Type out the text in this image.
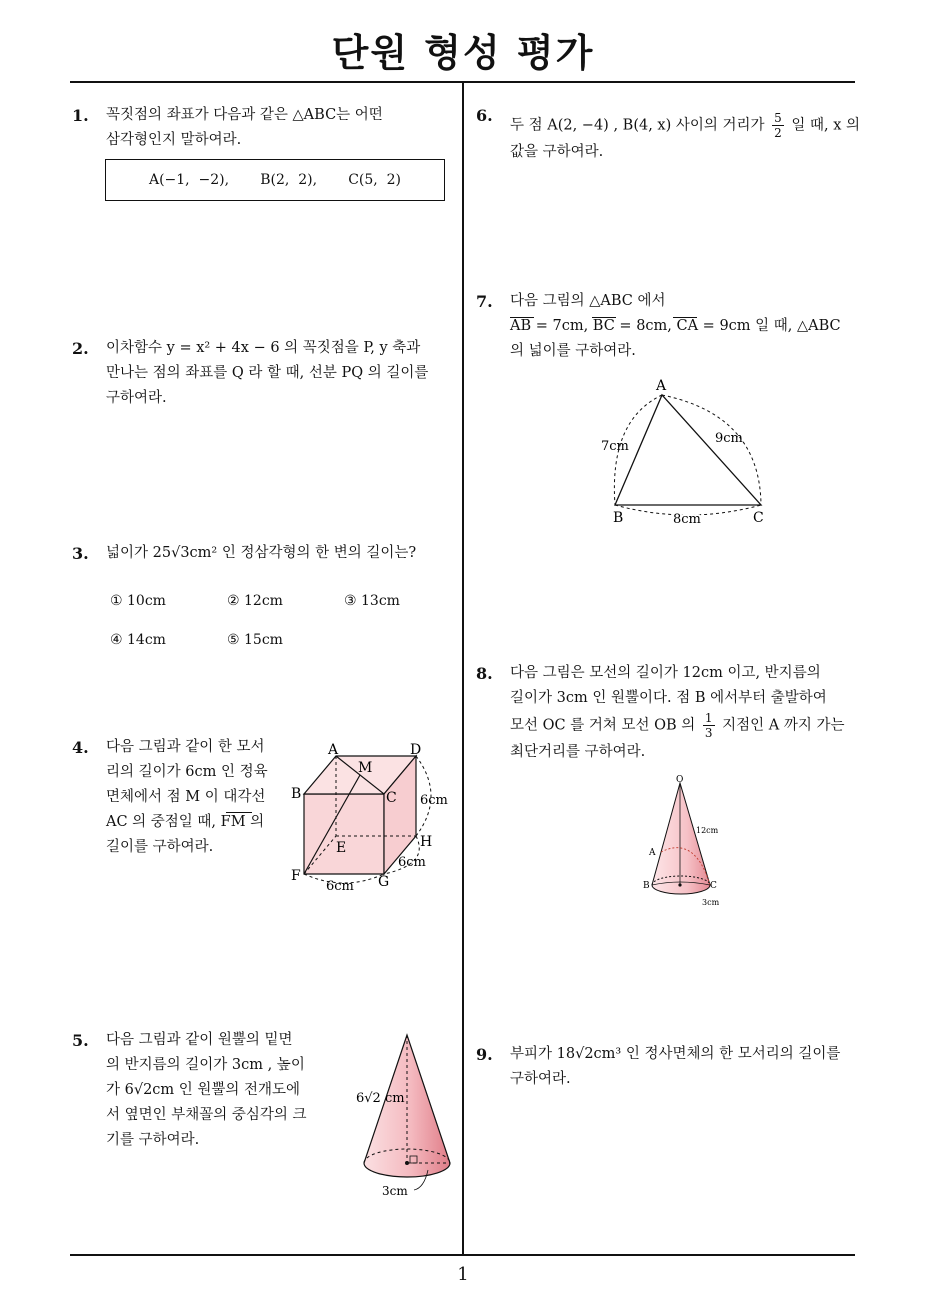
단원 형성 평가
1
1. 꼭짓점의 좌표가 다음과 같은 △ABC는 어떤
삼각형인지 말하여라.
A(−1,  −2),       B(2,  2),       C(5,  2)
2. 이차함수 y = x² + 4x − 6 의 꼭짓점을 P, y 축과
만나는 점의 좌표를 Q 라 할 때, 선분 PQ 의 길이를
구하여라.
3. 넓이가 25√3cm² 인 정삼각형의 한 변의 길이는?
① 10cm	② 12cm	③ 13cm
④ 14cm	⑤ 15cm
4. 다음 그림과 같이 한 모서
리의 길이가 6cm 인 정육
면체에서 점 M 이 대각선
AC 의 중점일 때, FM 의
길이를 구하여라.
A	D
M
B	C
E	H
F	G
6cm
6cm
6cm
5. 다음 그림과 같이 원뿔의 밑면
의 반지름의 길이가 3cm , 높이
가 6√2cm 인 원뿔의 전개도에
서 옆면인 부채꼴의 중심각의 크
기를 구하여라.
6√2 cm
3cm
6.
두 점 A(2, −4) , B(4, x) 사이의 거리가 $\frac{5}{2}$ 일 때, x 의
값을 구하여라.
7. 다음 그림의 △ABC 에서
AB = 7cm, BC = 8cm, CA = 9cm 일 때, △ABC
의 넓이를 구하여라.
A
B	C
7cm
9cm
8cm
8. 다음 그림은 모선의 길이가 12cm 이고, 반지름의
길이가 3cm 인 원뿔이다. 점 B 에서부터 출발하여
모선 OC 를 거쳐 모선 OB 의 $\frac{1}{3}$ 지점인 A 까지 가는
최단거리를 구하여라.
O
A
B	C
12cm
3cm
9. 부피가 18√2cm³ 인 정사면체의 한 모서리의 길이를
구하여라.
